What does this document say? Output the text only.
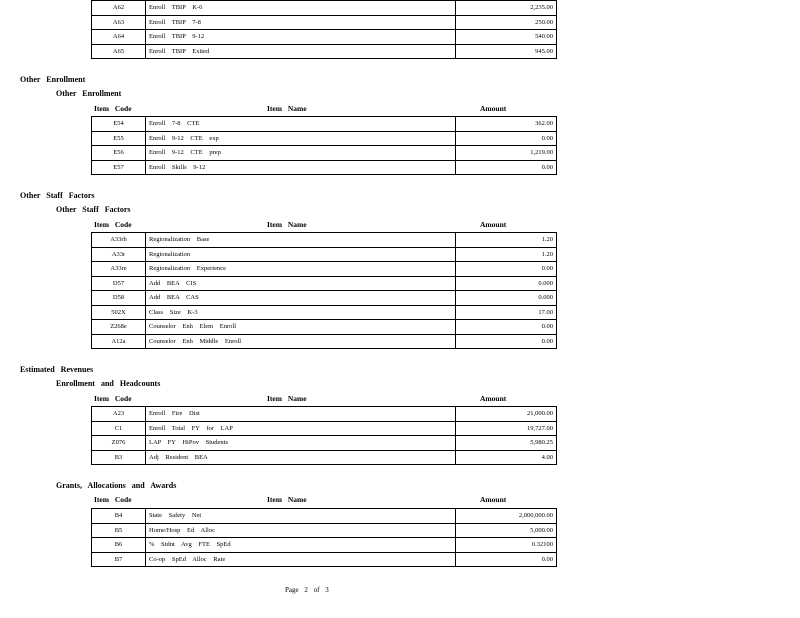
A62	Enroll TBIP K-6	2,235.00
A63	Enroll TBIP 7-8	250.00
A64	Enroll TBIP 9-12	540.00
A65	Enroll TBIP Exited	945.00
Other Enrollment
Other Enrollment
Item Code	Item Name	Amount
E54	Enroll 7-8 CTE	362.00
E55	Enroll 9-12 CTE exp	0.00
E56	Enroll 9-12 CTE prep	1,219.00
E57	Enroll Skills 9-12	0.00
Other Staff Factors
Other Staff Factors
Item Code	Item Name	Amount
A33rb	Regionalization Base	1.20
A33r	Regionalization	1.20
A33re	Regionalization Experience	0.00
D57	Add BEA CIS	0.000
D58	Add BEA CAS	0.000
502X	Class Size K-3	17.00
Z268e	Counselor Enh Elem Enroll	0.00
A12a	Counselor Enh Middle Enroll	0.00
Estimated Revenues
Enrollment and Headcounts
Item Code	Item Name	Amount
A23	Enroll Fire Dist	21,000.00
C1	Enroll Total FY for LAP	19,727.00
Z076	LAP FY HiPov Students	5,980.25
B3	Adj Resident BEA	4.00
Grants, Allocations and Awards
Item Code	Item Name	Amount
B4	State Safety Net	2,000,000.00
B5	Home/Hosp Ed Alloc	5,000.00
B6	% Stdnt Avg FTE SpEd	0.32100
B7	Co-op SpEd Alloc Rate	0.00
Page 2 of 3
